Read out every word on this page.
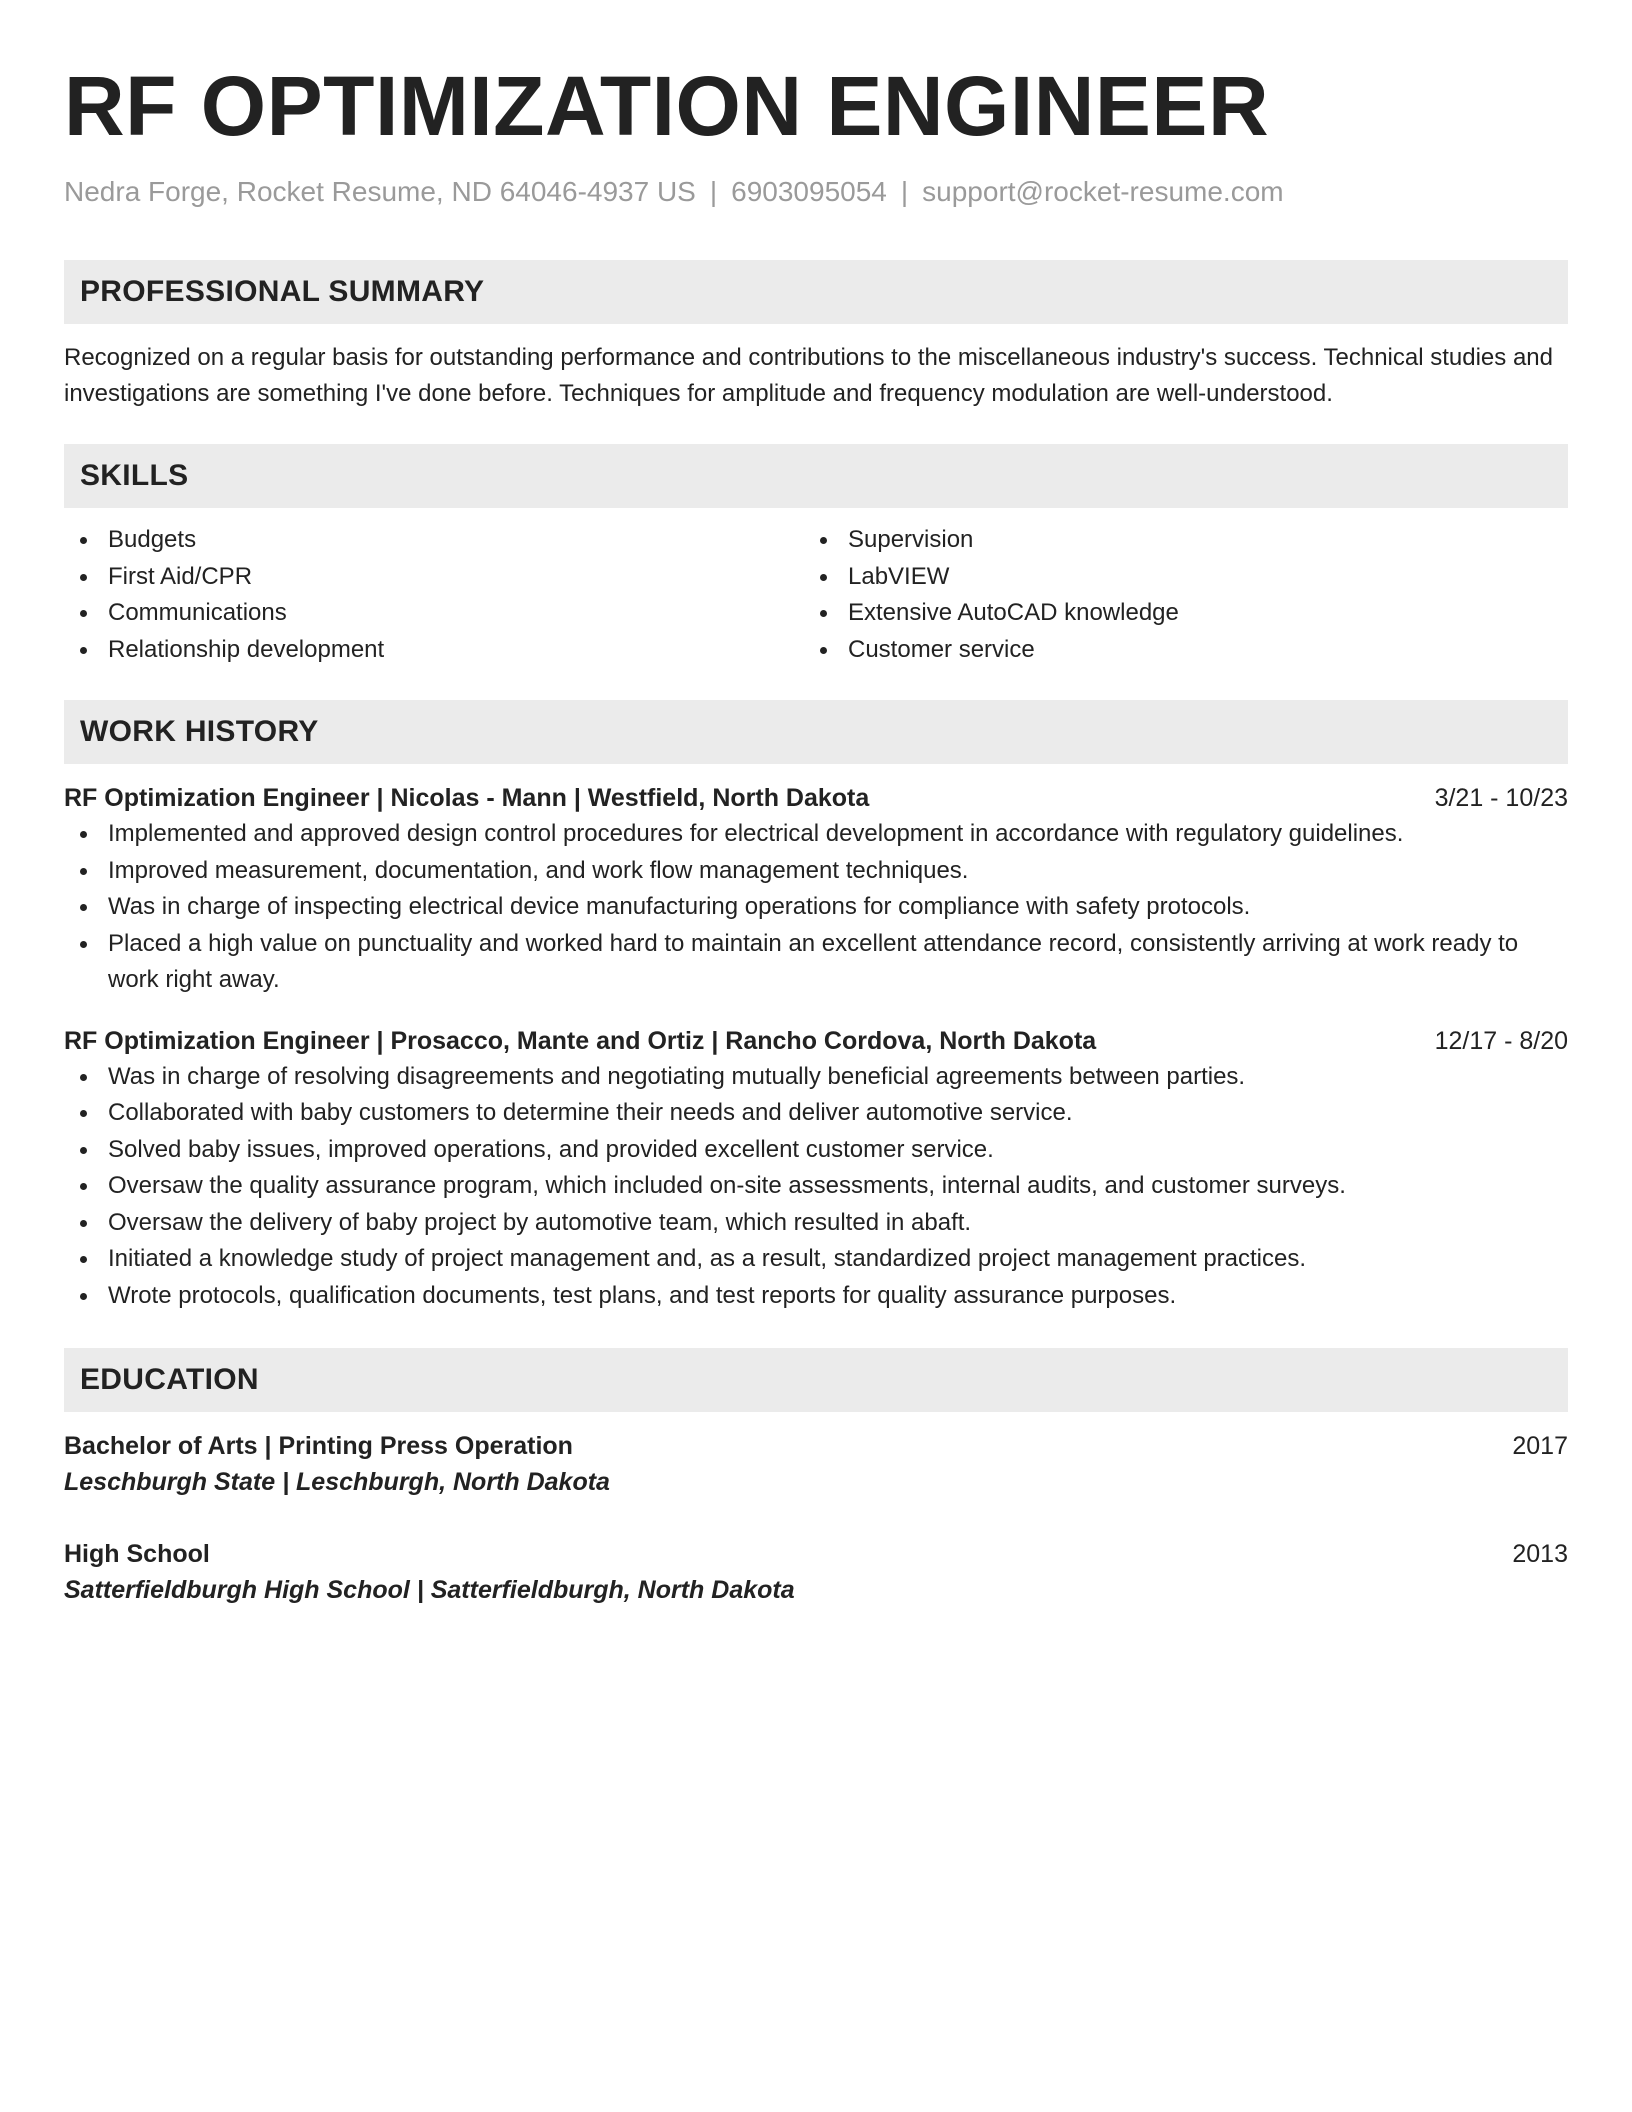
RF OPTIMIZATION ENGINEER
Nedra Forge, Rocket Resume, ND 64046-4937 US | 6903095054 | support@rocket-resume.com
PROFESSIONAL SUMMARY

Recognized on a regular basis for outstanding performance and contributions to the miscellaneous industry's success. Technical studies and investigations are something I've done before. Techniques for amplitude and frequency modulation are well-understood.

SKILLS
Budgets
First Aid/CPR
Communications
Relationship development
Supervision
LabVIEW
Extensive AutoCAD knowledge
Customer service
WORK HISTORY
RF Optimization Engineer | Nicolas - Mann | Westfield, North Dakota	3/21 - 10/23
Implemented and approved design control procedures for electrical development in accordance with regulatory guidelines.
Improved measurement, documentation, and work flow management techniques.
Was in charge of inspecting electrical device manufacturing operations for compliance with safety protocols.
Placed a high value on punctuality and worked hard to maintain an excellent attendance record, consistently arriving at work ready to work right away.
RF Optimization Engineer | Prosacco, Mante and Ortiz | Rancho Cordova, North Dakota	12/17 - 8/20
Was in charge of resolving disagreements and negotiating mutually beneficial agreements between parties.
Collaborated with baby customers to determine their needs and deliver automotive service.
Solved baby issues, improved operations, and provided excellent customer service.
Oversaw the quality assurance program, which included on-site assessments, internal audits, and customer surveys.
Oversaw the delivery of baby project by automotive team, which resulted in abaft.
Initiated a knowledge study of project management and, as a result, standardized project management practices.
Wrote protocols, qualification documents, test plans, and test reports for quality assurance purposes.
EDUCATION
Bachelor of Arts | Printing Press Operation	2017
Leschburgh State | Leschburgh, North Dakota
High School	2013
Satterfieldburgh High School | Satterfieldburgh, North Dakota
